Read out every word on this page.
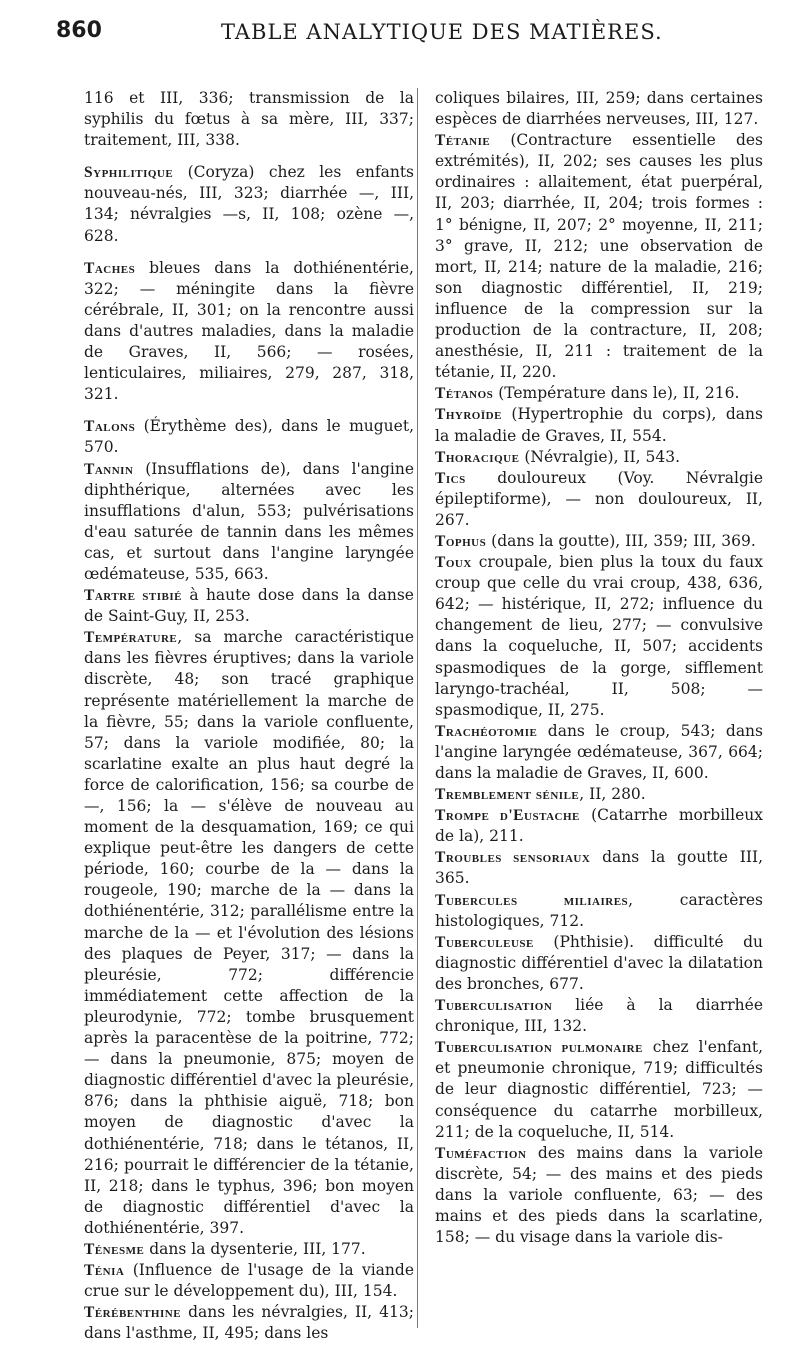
860	TABLE ANALYTIQUE DES MATIÈRES.

116 et III, 336; transmission de la syphilis du fœtus à sa mère, III, 337; traitement, III, 338.

Syphilitique (Coryza) chez les enfants nouveau-nés, III, 323; diarrhée —, III, 134; névralgies —s, II, 108; ozène —, 628.

Taches bleues dans la dothiénentérie, 322; — méningite dans la fièvre cérébrale, II, 301; on la rencontre aussi dans d'autres maladies, dans la maladie de Graves, II, 566; — rosées, lenticulaires, miliaires, 279, 287, 318, 321.

Talons (Érythème des), dans le muguet, 570.

Tannin (Insufflations de), dans l'angine diphthérique, alternées avec les insufflations d'alun, 553; pulvérisations d'eau saturée de tannin dans les mêmes cas, et surtout dans l'angine laryngée œdémateuse, 535, 663.

Tartre stibié à haute dose dans la danse de Saint-Guy, II, 253.

Température, sa marche caractéristique dans les fièvres éruptives; dans la variole discrète, 48; son tracé graphique représente matériellement la marche de la fièvre, 55; dans la variole confluente, 57; dans la variole modifiée, 80; la scarlatine exalte an plus haut degré la force de calorification, 156; sa courbe de —, 156; la — s'élève de nouveau au moment de la desquamation, 169; ce qui explique peut-être les dangers de cette période, 160; courbe de la — dans la rougeole, 190; marche de la — dans la dothiénentérie, 312; parallélisme entre la marche de la — et l'évolution des lésions des plaques de Peyer, 317; — dans la pleurésie, 772; différencie immédiatement cette affection de la pleurodynie, 772; tombe brusquement après la paracentèse de la poitrine, 772; — dans la pneumonie, 875; moyen de diagnostic différentiel d'avec la pleurésie, 876; dans la phthisie aiguë, 718; bon moyen de diagnostic d'avec la dothiénentérie, 718; dans le tétanos, II, 216; pourrait le différencier de la tétanie, II, 218; dans le typhus, 396; bon moyen de diagnostic différentiel d'avec la dothiénentérie, 397.

Ténesme dans la dysenterie, III, 177.

Ténia (Influence de l'usage de la viande crue sur le développement du), III, 154.

Térébenthine dans les névralgies, II, 413; dans l'asthme, II, 495; dans les

coliques bilaires, III, 259; dans certaines espèces de diarrhées nerveuses, III, 127.

Tétanie (Contracture essentielle des extrémités), II, 202; ses causes les plus ordinaires : allaitement, état puerpéral, II, 203; diarrhée, II, 204; trois formes : 1° bénigne, II, 207; 2° moyenne, II, 211; 3° grave, II, 212; une observation de mort, II, 214; nature de la maladie, 216; son diagnostic différentiel, II, 219; influence de la compression sur la production de la contracture, II, 208; anesthésie, II, 211 : traitement de la tétanie, II, 220.

Tétanos (Température dans le), II, 216.

Thyroïde (Hypertrophie du corps), dans la maladie de Graves, II, 554.

Thoracique (Névralgie), II, 543.

Tics douloureux (Voy. Névralgie épileptiforme), — non douloureux, II, 267.

Tophus (dans la goutte), III, 359; III, 369.

Toux croupale, bien plus la toux du faux croup que celle du vrai croup, 438, 636, 642; — histérique, II, 272; influence du changement de lieu, 277; — convulsive dans la coqueluche, II, 507; accidents spasmodiques de la gorge, sifflement laryngo-trachéal, II, 508; — spasmodique, II, 275.

Trachéotomie dans le croup, 543; dans l'angine laryngée œdémateuse, 367, 664; dans la maladie de Graves, II, 600.

Tremblement sénile, II, 280.

Trompe d'Eustache (Catarrhe morbilleux de la), 211.

Troubles sensoriaux dans la goutte III, 365.

Tubercules miliaires, caractères histologiques, 712.

Tuberculeuse (Phthisie). difficulté du diagnostic différentiel d'avec la dilatation des bronches, 677.

Tuberculisation liée à la diarrhée chronique, III, 132.

Tuberculisation pulmonaire chez l'enfant, et pneumonie chronique, 719; difficultés de leur diagnostic différentiel, 723; — conséquence du catarrhe morbilleux, 211; de la coqueluche, II, 514.

Tuméfaction des mains dans la variole discrète, 54; — des mains et des pieds dans la variole confluente, 63; — des mains et des pieds dans la scarlatine, 158; — du visage dans la variole dis-
